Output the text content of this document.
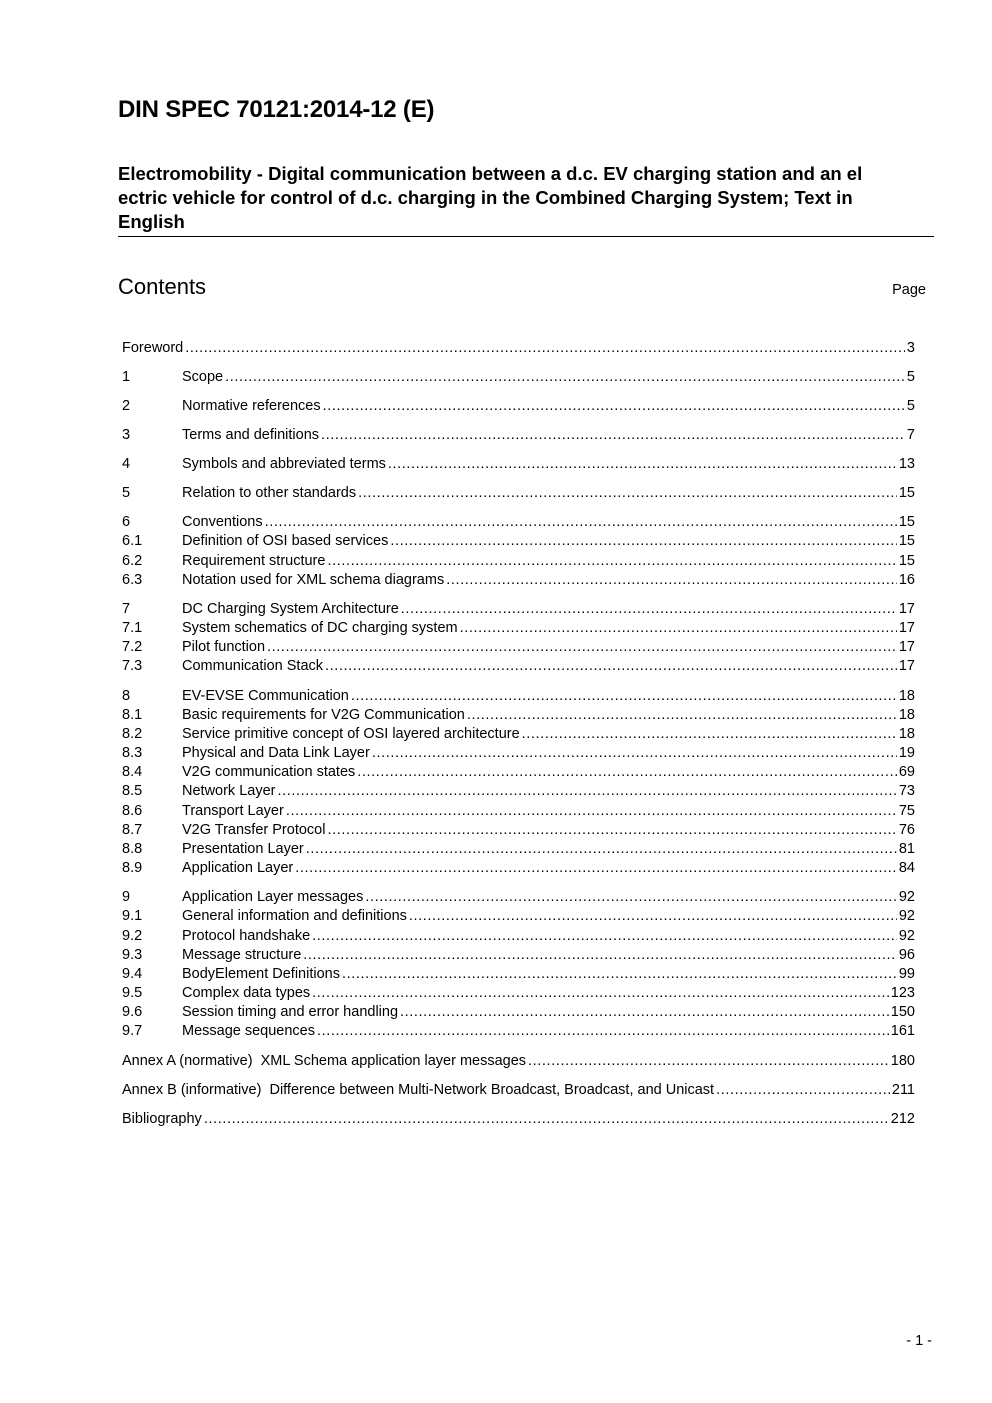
DIN SPEC 70121:2014-12 (E)
Electromobility - Digital communication between a d.c. EV charging station and an el
ectric vehicle for control of d.c. charging in the Combined Charging System; Text in
English
Contents	Page
Foreword .....	3
1	Scope .....	5
2	Normative references .....	5
3	Terms and definitions .....	7
4	Symbols and abbreviated terms .....	13
5	Relation to other standards .....	15
6	Conventions .....	15
6.1	Definition of OSI based services .....	15
6.2	Requirement structure .....	15
6.3	Notation used for XML schema diagrams .....	16
7	DC Charging System Architecture .....	17
7.1	System schematics of DC charging system .....	17
7.2	Pilot function .....	17
7.3	Communication Stack .....	17
8	EV-EVSE Communication .....	18
8.1	Basic requirements for V2G Communication .....	18
8.2	Service primitive concept of OSI layered architecture .....	18
8.3	Physical and Data Link Layer .....	19
8.4	V2G communication states .....	69
8.5	Network Layer .....	73
8.6	Transport Layer .....	75
8.7	V2G Transfer Protocol .....	76
8.8	Presentation Layer .....	81
8.9	Application Layer .....	84
9	Application Layer messages .....	92
9.1	General information and definitions .....	92
9.2	Protocol handshake .....	92
9.3	Message structure .....	96
9.4	BodyElement Definitions .....	99
9.5	Complex data types .....	123
9.6	Session timing and error handling .....	150
9.7	Message sequences .....	161
Annex A (normative)  XML Schema application layer messages .....	180
Annex B (informative)  Difference between Multi-Network Broadcast, Broadcast, and Unicast .....	211
Bibliography .....	212
- 1 -
